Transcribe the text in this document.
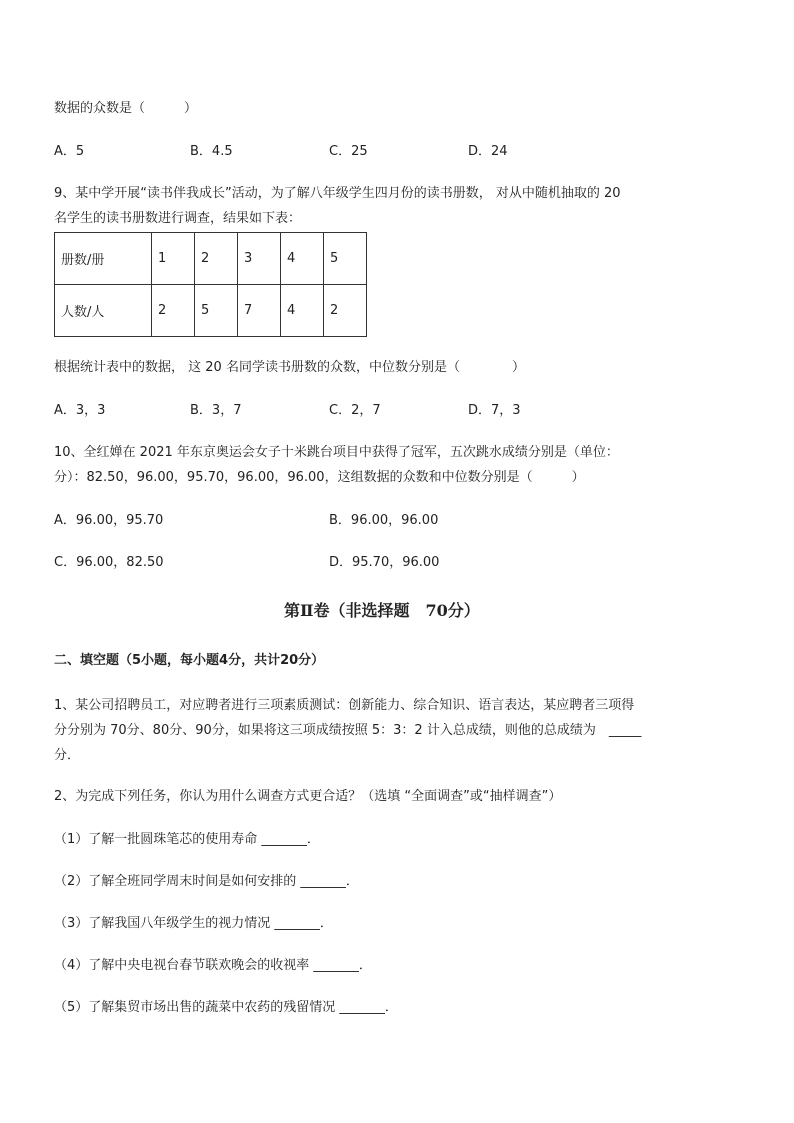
数据的众数是（　　　）
A．5	B．4.5	C．25	D．24
9、某中学开展“读书伴我成长”活动，为了解八年级学生四月份的读书册数， 对从中随机抽取的 20
名学生的读书册数进行调查，结果如下表：
册数/册	1	2	3	4	5
人数/人	2	5	7	4	2
根据统计表中的数据， 这 20 名同学读书册数的众数，中位数分别是（　　　　）
A．3，3	B．3，7	C．2，7	D．7，3
10、全红婵在 2021 年东京奥运会女子十米跳台项目中获得了冠军，五次跳水成绩分别是（单位：
分）：82.50，96.00，95.70，96.00，96.00，这组数据的众数和中位数分别是（　　　）
A．96.00，95.70	B．96.00，96.00
C．96.00，82.50	D．95.70，96.00
第Ⅱ卷（非选择题　70分）
二、填空题（5小题，每小题4分，共计20分）
1、某公司招聘员工，对应聘者进行三项素质测试：创新能力、综合知识、语言表达，某应聘者三项得
分分别为 70分、80分、90分，如果将这三项成绩按照 5：3：2 计入总成绩，则他的总成绩为　_____
分．
2、为完成下列任务，你认为用什么调查方式更合适？（选填 “全面调查”或“抽样调查”）
（1）了解一批圆珠笔芯的使用寿命 _______．
（2）了解全班同学周末时间是如何安排的 _______．
（3）了解我国八年级学生的视力情况 _______．
（4）了解中央电视台春节联欢晚会的收视率 _______．
（5）了解集贸市场出售的蔬菜中农药的残留情况 _______．
